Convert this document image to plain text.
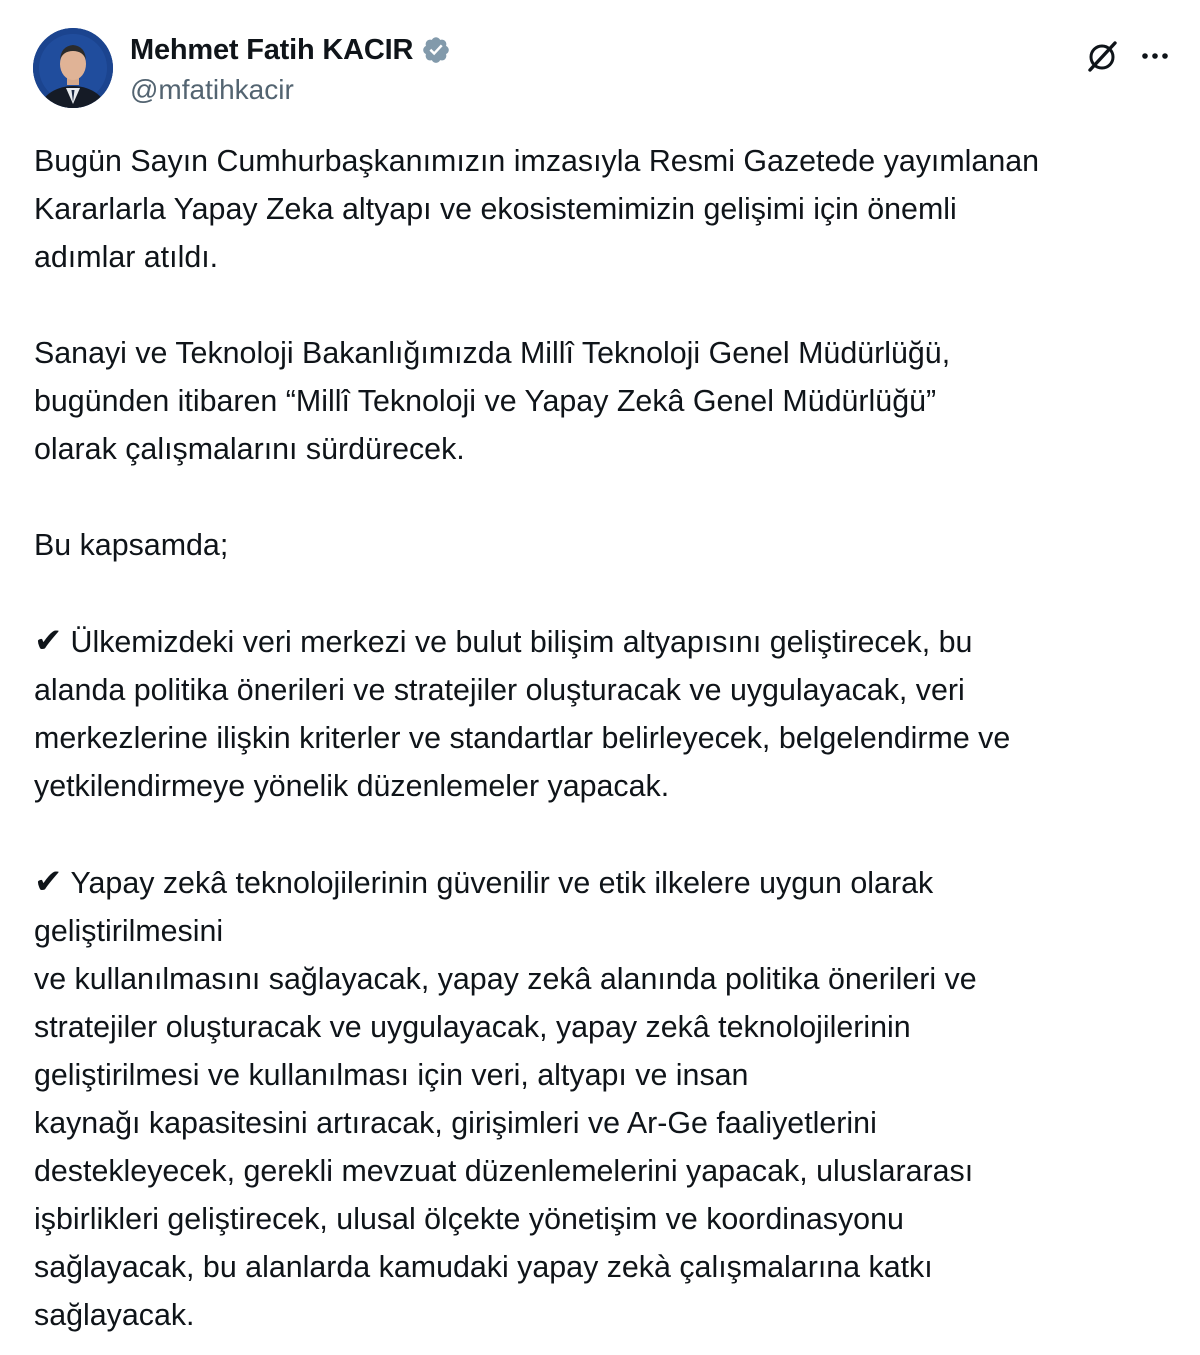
Mehmet Fatih KACIR
@mfatihkacir

Bugün Sayın Cumhurbaşkanımızın imzasıyla Resmi Gazetede yayımlanan
Kararlarla Yapay Zeka altyapı ve ekosistemimizin gelişimi için önemli
adımlar atıldı.

Sanayi ve Teknoloji Bakanlığımızda Millî Teknoloji Genel Müdürlüğü,
bugünden itibaren “Millî Teknoloji ve Yapay Zekâ Genel Müdürlüğü”
olarak çalışmalarını sürdürecek.

Bu kapsamda;

✔ Ülkemizdeki veri merkezi ve bulut bilişim altyapısını geliştirecek, bu
alanda politika önerileri ve stratejiler oluşturacak ve uygulayacak, veri
merkezlerine ilişkin kriterler ve standartlar belirleyecek, belgelendirme ve
yetkilendirmeye yönelik düzenlemeler yapacak.

✔ Yapay zekâ teknolojilerinin güvenilir ve etik ilkelere uygun olarak
geliştirilmesini
ve kullanılmasını sağlayacak, yapay zekâ alanında politika önerileri ve
stratejiler oluşturacak ve uygulayacak, yapay zekâ teknolojilerinin
geliştirilmesi ve kullanılması için veri, altyapı ve insan
kaynağı kapasitesini artıracak, girişimleri ve Ar-Ge faaliyetlerini
destekleyecek, gerekli mevzuat düzenlemelerini yapacak, uluslararası
işbirlikleri geliştirecek, ulusal ölçekte yönetişim ve koordinasyonu
sağlayacak, bu alanlarda kamudaki yapay zekà çalışmalarına katkı
sağlayacak.
